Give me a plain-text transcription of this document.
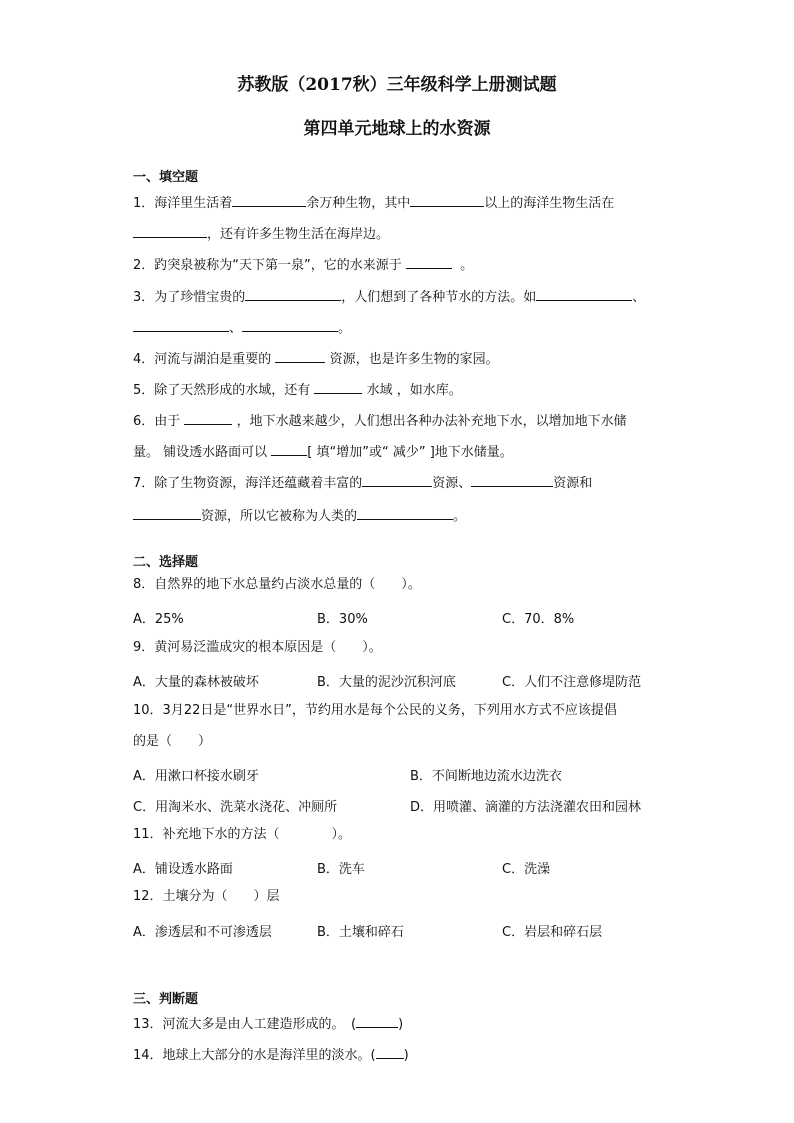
苏教版（2017秋）三年级科学上册测试题
第四单元地球上的水资源
一、填空题
1．海洋里生活着	余万种生物，其中	以上的海洋生物生活在
，还有许多生物生活在海岸边。
2．趵突泉被称为“天下第一泉”，它的水来源于	。
3．为了珍惜宝贵的	，人们想到了各种节水的方法。如	、
、	。
4．河流与湖泊是重要的	资源，也是许多生物的家园。
5．除了天然形成的水域，还有	水域 ，如水库。
6．由于	，地下水越来越少，人们想出各种办法补充地下水，以增加地下水储
量。 铺设透水路面可以	[ 填“增加”或“ 减少” ]地下水储量。
7．除了生物资源，海洋还蕴藏着丰富的	资源、	资源和
资源，所以它被称为人类的	。
二、选择题
8．自然界的地下水总量约占淡水总量的（　　）。
A．25%	B．30%	C．70．8%
9．黄河易泛滥成灾的根本原因是（　　）。
A．大量的森林被破坏	B．大量的泥沙沉积河底	C．人们不注意修堤防范
10．3月22日是“世界水日”，节约用水是每个公民的义务，下列用水方式不应该提倡
的是（　　）
A．用漱口杯接水刷牙	B．不间断地边流水边洗衣
C．用淘米水、洗菜水浇花、冲厕所	D．用喷灌、滴灌的方法浇灌农田和园林
11．补充地下水的方法（　　　　）。
A．铺设透水路面	B．洗车	C．洗澡
12．土壤分为（　　）层
A．渗透层和不可渗透层	B．土壤和碎石	C．岩层和碎石层
三、判断题
13．河流大多是由人工建造形成的。　(	)
14．地球上大部分的水是海洋里的淡水。( )
